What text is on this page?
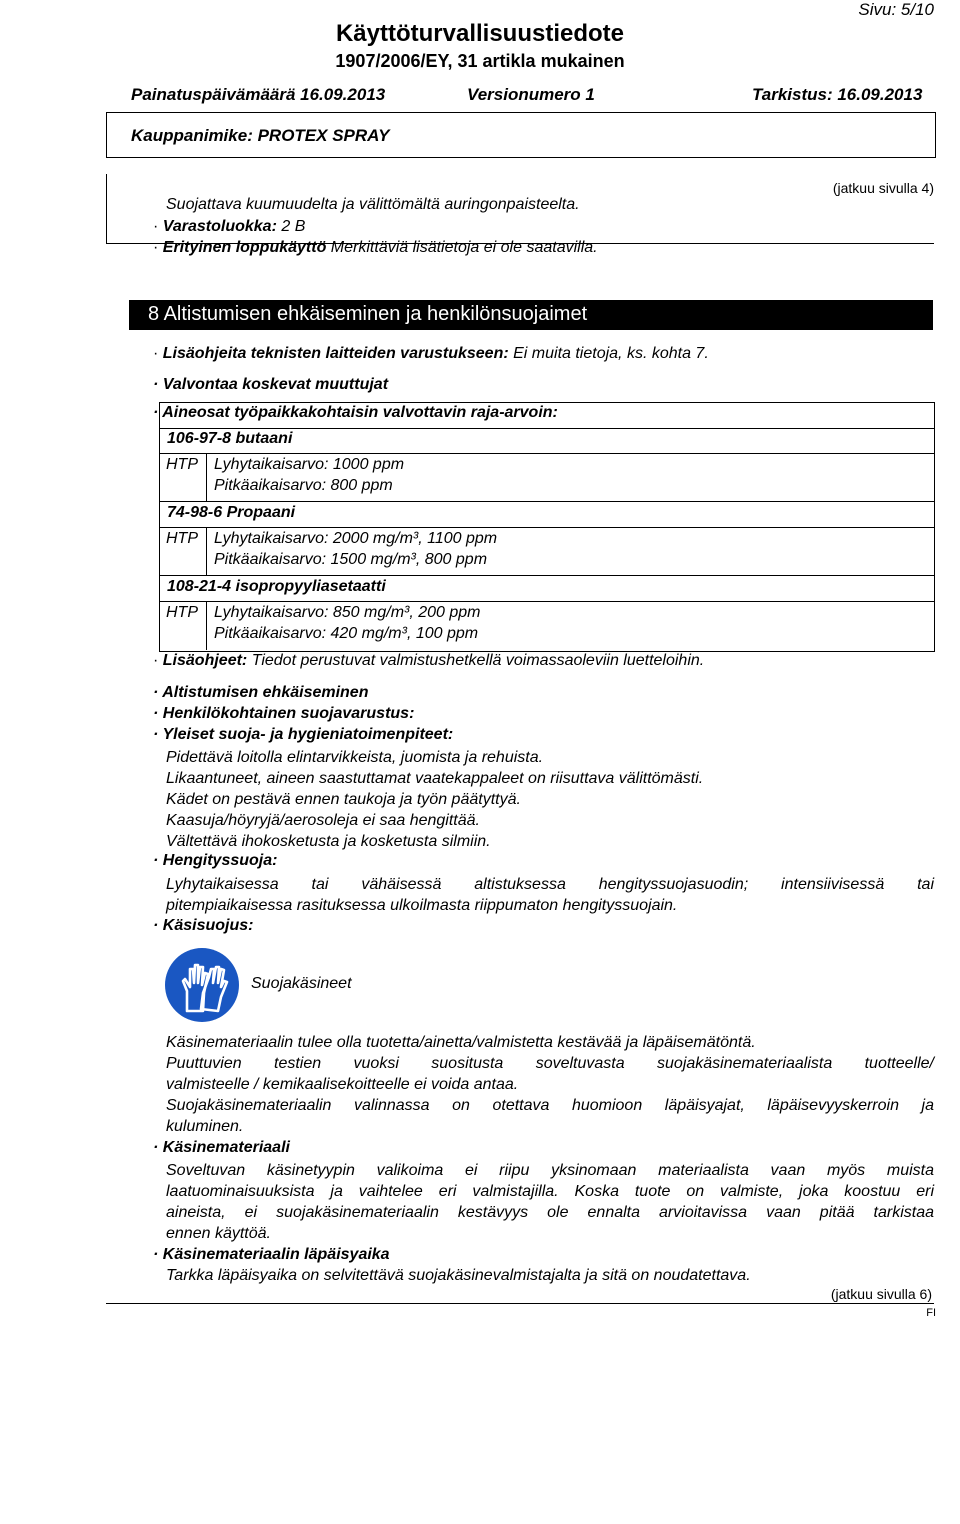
Sivu: 5/10
Käyttöturvallisuustiedote
1907/2006/EY, 31 artikla mukainen
Painatuspäivämäärä 16.09.2013	Versionumero 1	Tarkistus: 16.09.2013
Kauppanimike: PROTEX SPRAY
(jatkuu sivulla 4)
Suojattava kuumuudelta ja välittömältä auringonpaisteelta.
· Varastoluokka: 2 B
· Erityinen loppukäyttö Merkittäviä lisätietoja ei ole saatavilla.
8 Altistumisen ehkäiseminen ja henkilönsuojaimet
· Lisäohjeita teknisten laitteiden varustukseen: Ei muita tietoja, ks. kohta 7.
· Valvontaa koskevat muuttujat
· Aineosat työpaikkakohtaisin valvottavin raja-arvoin:
106-97-8 butaani
HTP Lyhytaikaisarvo: 1000 ppm
Pitkäaikaisarvo: 800 ppm
74-98-6 Propaani
HTP Lyhytaikaisarvo: 2000 mg/m³, 1100 ppm
Pitkäaikaisarvo: 1500 mg/m³, 800 ppm
108-21-4 isopropyyliasetaatti
HTP Lyhytaikaisarvo: 850 mg/m³, 200 ppm
Pitkäaikaisarvo: 420 mg/m³, 100 ppm
· Lisäohjeet: Tiedot perustuvat valmistushetkellä voimassaoleviin luetteloihin.
· Altistumisen ehkäiseminen
· Henkilökohtainen suojavarustus:
· Yleiset suoja- ja hygieniatoimenpiteet:
Pidettävä loitolla elintarvikkeista, juomista ja rehuista.
Likaantuneet, aineen saastuttamat vaatekappaleet on riisuttava välittömästi.
Kädet on pestävä ennen taukoja ja työn päätyttyä.
Kaasuja/höyryjä/aerosoleja ei saa hengittää.
Vältettävä ihokosketusta ja kosketusta silmiin.
· Hengityssuoja:
Lyhytaikaisessa tai vähäisessä altistuksessa hengityssuojasuodin; intensiivisessä tai
pitempiaikaisessa rasituksessa ulkoilmasta riippumaton hengityssuojain.
· Käsisuojus:
Suojakäsineet
Käsinemateriaalin tulee olla tuotetta/ainetta/valmistetta kestävää ja läpäisemätöntä.
Puuttuvien testien vuoksi suositusta soveltuvasta suojakäsinemateriaalista tuotteelle/
valmisteelle / kemikaalisekoitteelle ei voida antaa.
Suojakäsinemateriaalin valinnassa on otettava huomioon läpäisyajat, läpäisevyyskerroin ja
kuluminen.
· Käsinemateriaali
Soveltuvan käsinetyypin valikoima ei riipu yksinomaan materiaalista vaan myös muista
laatuominaisuuksista ja vaihtelee eri valmistajilla. Koska tuote on valmiste, joka koostuu eri
aineista, ei suojakäsinemateriaalin kestävyys ole ennalta arvioitavissa vaan pitää tarkistaa
ennen käyttöä.
· Käsinemateriaalin läpäisyaika
Tarkka läpäisyaika on selvitettävä suojakäsinevalmistajalta ja sitä on noudatettava.
(jatkuu sivulla 6)
FI
